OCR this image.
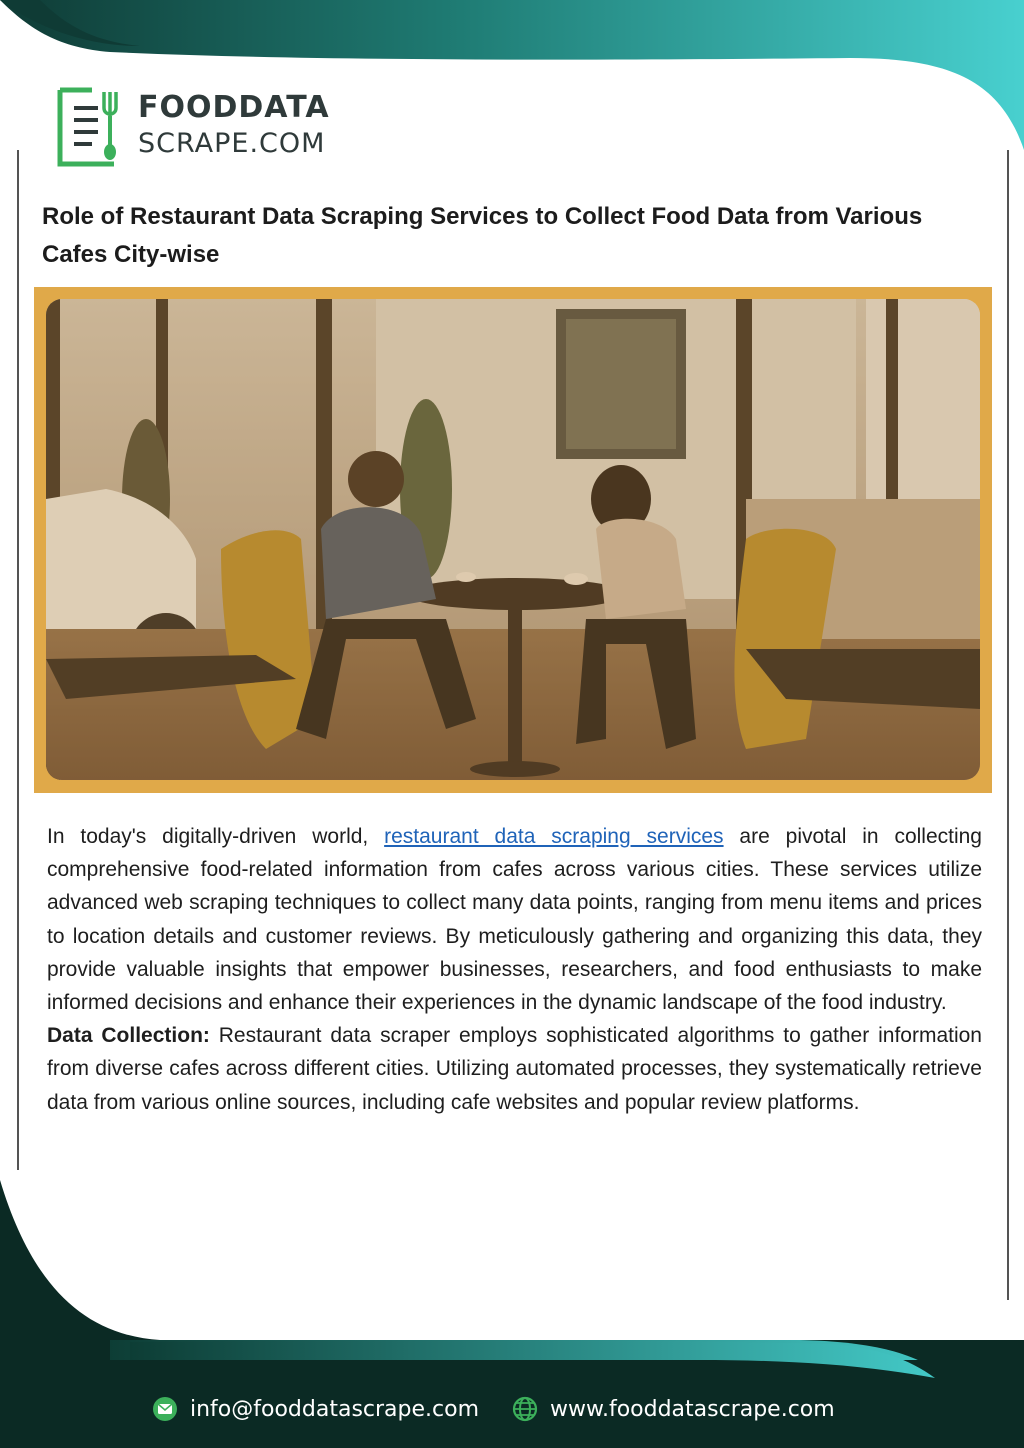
FOODDATA
SCRAPE.COM
Role of Restaurant Data Scraping Services to Collect Food Data from Various Cafes City-wise

In today's digitally-driven world, restaurant data scraping services are pivotal in collecting comprehensive food-related information from cafes across various cities. These services utilize advanced web scraping techniques to collect many data points, ranging from menu items and prices to location details and customer reviews. By meticulously gathering and organizing this data, they provide valuable insights that empower businesses, researchers, and food enthusiasts to make informed decisions and enhance their experiences in the dynamic landscape of the food industry.

Data Collection: Restaurant data scraper employs sophisticated algorithms to gather information from diverse cafes across different cities. Utilizing automated processes, they systematically retrieve data from various online sources, including cafe websites and popular review platforms.

info@fooddatascrape.com	www.fooddatascrape.com
